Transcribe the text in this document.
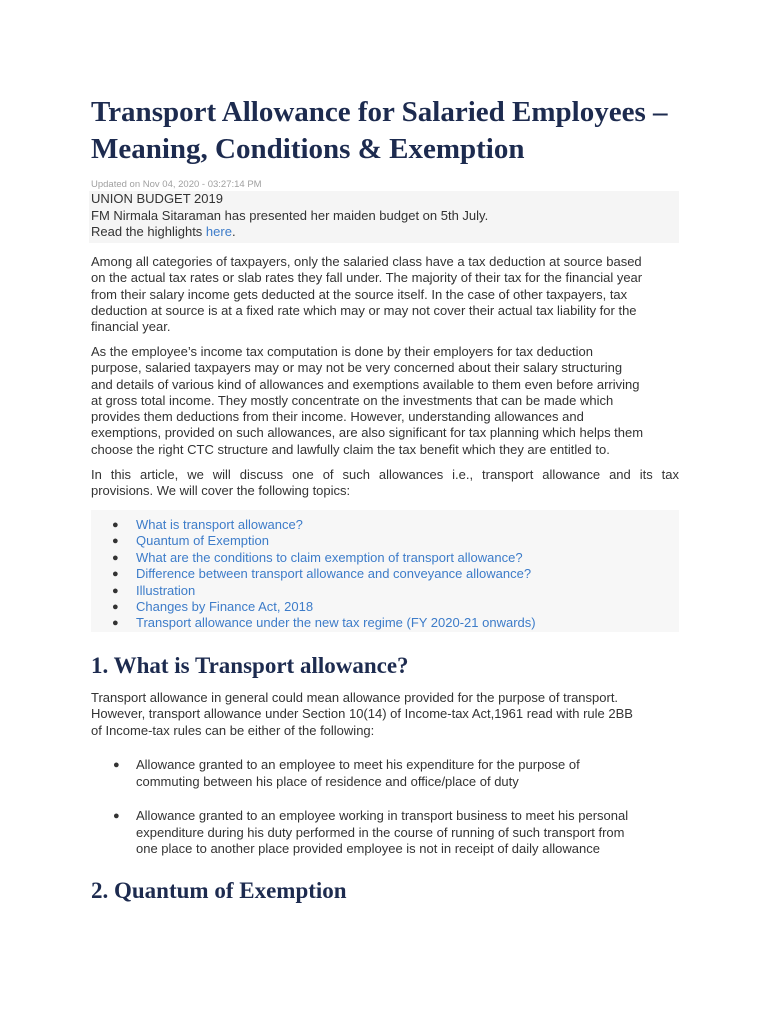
Transport Allowance for Salaried Employees –
Meaning, Conditions & Exemption

Updated on Nov 04, 2020 - 03:27:14 PM

UNION BUDGET 2019
FM Nirmala Sitaraman has presented her maiden budget on 5th July.
Read the highlights here.

Among all categories of taxpayers, only the salaried class have a tax deduction at source based
on the actual tax rates or slab rates they fall under. The majority of their tax for the financial year
from their salary income gets deducted at the source itself. In the case of other taxpayers, tax
deduction at source is at a fixed rate which may or may not cover their actual tax liability for the
financial year.

As the employee’s income tax computation is done by their employers for tax deduction
purpose, salaried taxpayers may or may not be very concerned about their salary structuring
and details of various kind of allowances and exemptions available to them even before arriving
at gross total income. They mostly concentrate on the investments that can be made which
provides them deductions from their income. However, understanding allowances and
exemptions, provided on such allowances, are also significant for tax planning which helps them
choose the right CTC structure and lawfully claim the tax benefit which they are entitled to.

In this article, we will discuss one of such allowances i.e., transport allowance and its tax
provisions. We will cover the following topics:

● What is transport allowance?
● Quantum of Exemption
● What are the conditions to claim exemption of transport allowance?
● Difference between transport allowance and conveyance allowance?
● Illustration
● Changes by Finance Act, 2018
● Transport allowance under the new tax regime (FY 2020-21 onwards)
1. What is Transport allowance?

Transport allowance in general could mean allowance provided for the purpose of transport.
However, transport allowance under Section 10(14) of Income-tax Act,1961 read with rule 2BB
of Income-tax rules can be either of the following:

● Allowance granted to an employee to meet his expenditure for the purpose of
commuting between his place of residence and office/place of duty
● Allowance granted to an employee working in transport business to meet his personal
expenditure during his duty performed in the course of running of such transport from
one place to another place provided employee is not in receipt of daily allowance
2. Quantum of Exemption
